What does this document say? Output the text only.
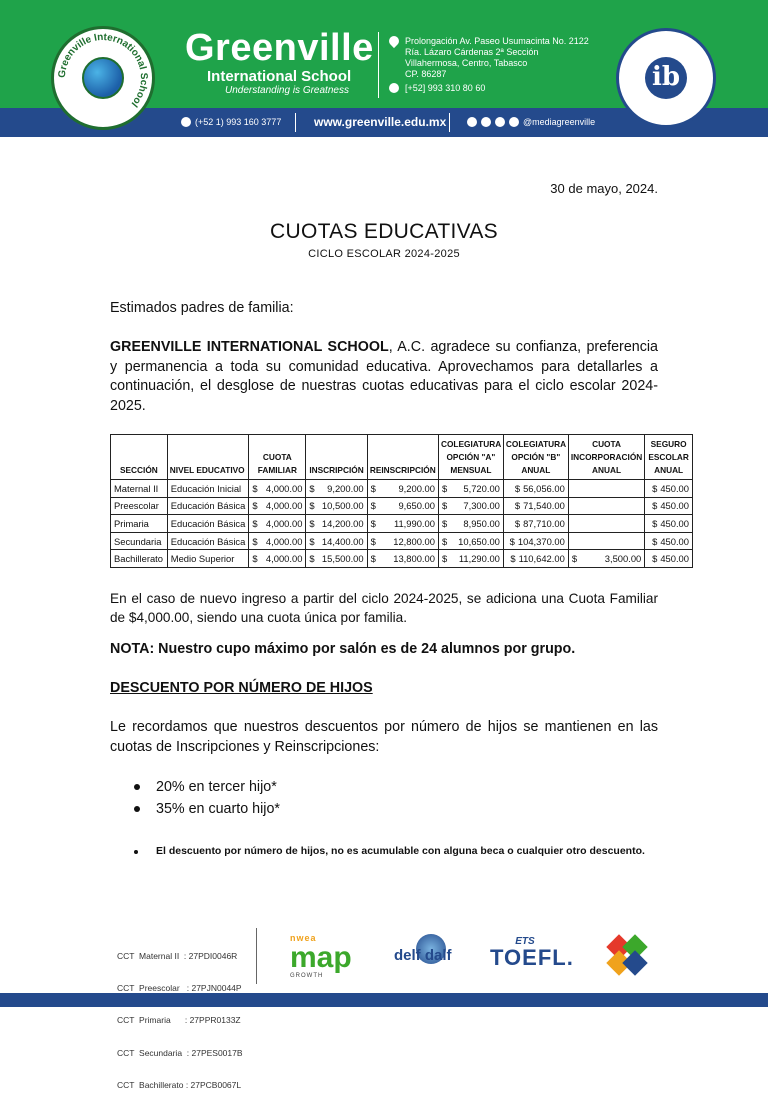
Greenville International School
Greenville
International School
Understanding is Greatness
Prolongación Av. Paseo Usumacinta No. 2122
Ría. Lázaro Cárdenas 2ª Sección
Villahermosa, Centro, Tabasco
CP. 86287
[+52] 993 310 80 60	ib
(+52 1) 993 160 3777	www.greenville.edu.mx	@mediagreenville
30 de mayo, 2024.
CUOTAS EDUCATIVAS
CICLO ESCOLAR 2024-2025
Estimados padres de familia:
GREENVILLE INTERNATIONAL SCHOOL, A.C. agradece su confianza, preferencia y permanencia a toda su comunidad educativa. Aprovechamos para detallarles a continuación, el desglose de nuestras cuotas educativas para el ciclo escolar 2024-2025.
SECCIÓN	NIVEL EDUCATIVO	CUOTA FAMILIAR	INSCRIPCIÓN	REINSCRIPCIÓN	COLEGIATURA OPCIÓN "A" MENSUAL	COLEGIATURA OPCIÓN "B" ANUAL	CUOTA INCORPORACIÓN ANUAL	SEGURO ESCOLAR ANUAL
Maternal II	Educación Inicial	$ 4,000.00	$ 9,200.00	$ 9,200.00	$ 5,720.00	$ 56,056.00		$ 450.00

Preescolar	Educación Básica	$ 4,000.00	$ 10,500.00	$ 9,650.00	$ 7,300.00	$ 71,540.00		$ 450.00

Primaria	Educación Básica	$ 4,000.00	$ 14,200.00	$ 11,990.00	$ 8,950.00	$ 87,710.00		$ 450.00

Secundaria	Educación Básica	$ 4,000.00	$ 14,400.00	$ 12,800.00	$ 10,650.00	$ 104,370.00		$ 450.00

Bachillerato	Medio Superior	$ 4,000.00	$ 15,500.00	$ 13,800.00	$ 11,290.00	$ 110,642.00	$ 3,500.00	$ 450.00
En el caso de nuevo ingreso a partir del ciclo 2024-2025, se adiciona una Cuota Familiar de $4,000.00, siendo una cuota única por familia.
NOTA: Nuestro cupo máximo por salón es de 24 alumnos por grupo.
DESCUENTO POR NÚMERO DE HIJOS
Le recordamos que nuestros descuentos por número de hijos se mantienen en las cuotas de Inscripciones y Reinscripciones:
20% en tercer hijo*
35% en cuarto hijo*
El descuento por número de hijos, no es acumulable con alguna beca o cualquier otro descuento.

CCT  Maternal II  : 27PDI0046R

CCT  Preescolar   : 27PJN0044P

CCT  Primaria      : 27PPR0133Z

CCT  Secundaria  : 27PES0017B

CCT  Bachillerato : 27PCB0067L

nwea
map
GROWTH
delf dalf
ETS
TOEFL.
